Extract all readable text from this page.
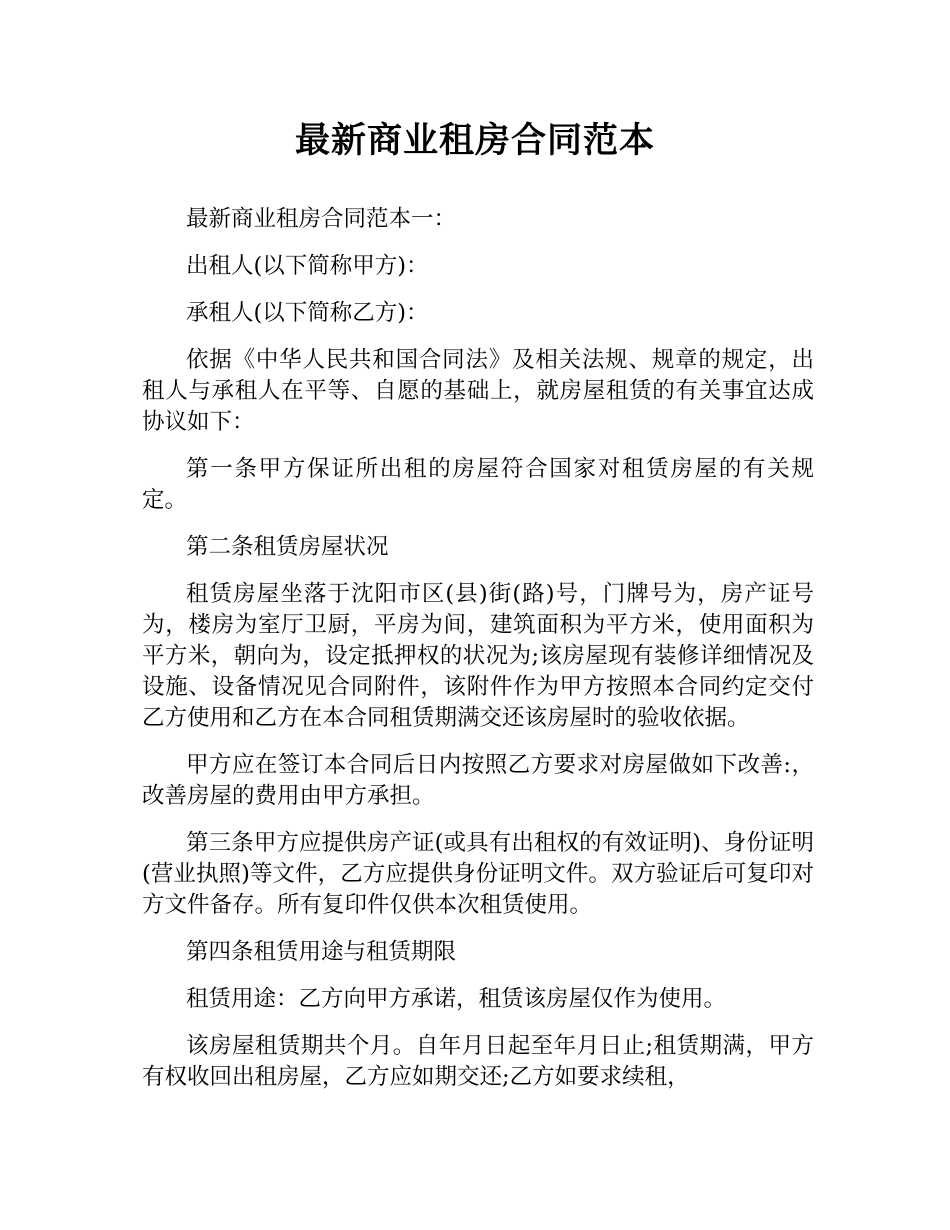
最新商业租房合同范本

最新商业租房合同范本一：

出租人(以下简称甲方)：

承租人(以下简称乙方)：

依据《中华人民共和国合同法》及相关法规、规章的规定，出租人与承租人在平等、自愿的基础上，就房屋租赁的有关事宜达成协议如下：

第一条甲方保证所出租的房屋符合国家对租赁房屋的有关规定。

第二条租赁房屋状况

租赁房屋坐落于沈阳市区(县)街(路)号，门牌号为，房产证号为，楼房为室厅卫厨，平房为间，建筑面积为平方米，使用面积为平方米，朝向为，设定抵押权的状况为;该房屋现有装修详细情况及设施、设备情况见合同附件，该附件作为甲方按照本合同约定交付乙方使用和乙方在本合同租赁期满交还该房屋时的验收依据。

甲方应在签订本合同后日内按照乙方要求对房屋做如下改善:，改善房屋的费用由甲方承担。

第三条甲方应提供房产证(或具有出租权的有效证明)、身份证明(营业执照)等文件，乙方应提供身份证明文件。双方验证后可复印对方文件备存。所有复印件仅供本次租赁使用。

第四条租赁用途与租赁期限

租赁用途：乙方向甲方承诺，租赁该房屋仅作为使用。

该房屋租赁期共个月。自年月日起至年月日止;租赁期满，甲方有权收回出租房屋，乙方应如期交还;乙方如要求续租，
